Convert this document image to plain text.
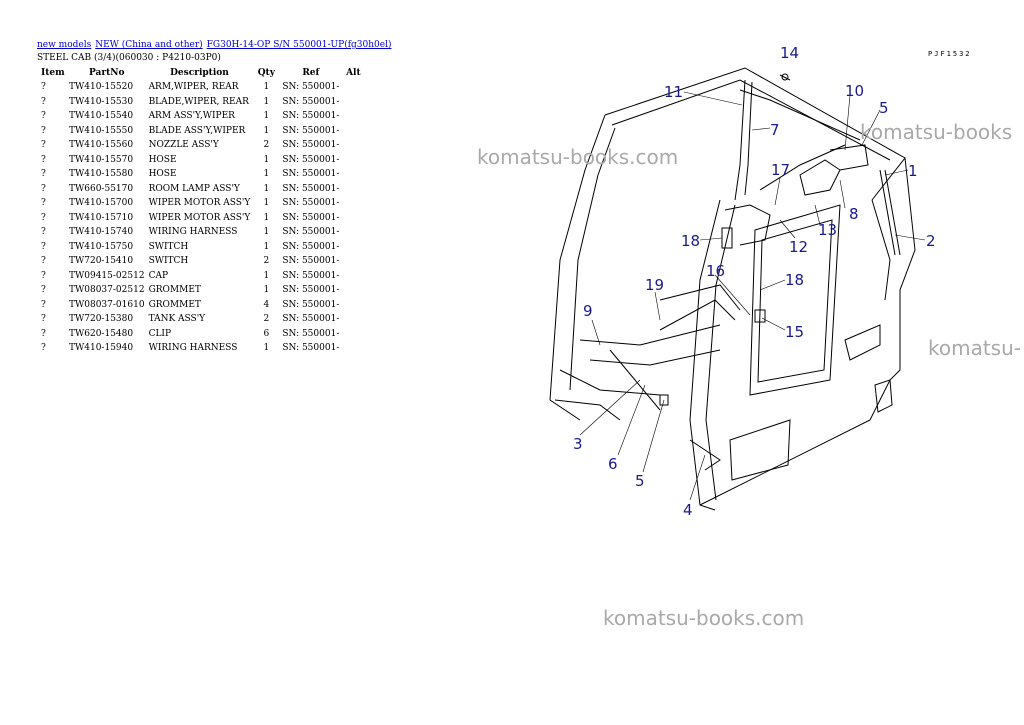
new models NEW (China and other) FG30H-14-OP S/N 550001-UP(fg30h0el)
STEEL CAB (3/4)(060030 : P4210-03P0)
Item	PartNo	Description	Qty	Ref	Alt
?	TW410-15520	ARM,WIPER, REAR	1	SN: 550001-	
?	TW410-15530	BLADE,WIPER, REAR	1	SN: 550001-	
?	TW410-15540	ARM ASS'Y,WIPER	1	SN: 550001-	
?	TW410-15550	BLADE ASS'Y,WIPER	1	SN: 550001-	
?	TW410-15560	NOZZLE ASS'Y	2	SN: 550001-	
?	TW410-15570	HOSE	1	SN: 550001-	
?	TW410-15580	HOSE	1	SN: 550001-	
?	TW660-55170	ROOM LAMP ASS'Y	1	SN: 550001-	
?	TW410-15700	WIPER MOTOR ASS'Y	1	SN: 550001-	
?	TW410-15710	WIPER MOTOR ASS'Y	1	SN: 550001-	
?	TW410-15740	WIRING HARNESS	1	SN: 550001-	
?	TW410-15750	SWITCH	1	SN: 550001-	
?	TW720-15410	SWITCH	2	SN: 550001-	
?	TW09415-02512	CAP	1	SN: 550001-	
?	TW08037-02512	GROMMET	1	SN: 550001-	
?	TW08037-01610	GROMMET	4	SN: 550001-	
?	TW720-15380	TANK ASS'Y	2	SN: 550001-	
?	TW620-15480	CLIP	6	SN: 550001-	
?	TW410-15940	WIRING HARNESS	1	SN: 550001-	
PJF1532
14
11
7
10
5
1
17
8
18	12
13
2
19
16	18
15
9
3
6
5
4
komatsu-books.com
komatsu-books
komatsu-
komatsu-books.com
